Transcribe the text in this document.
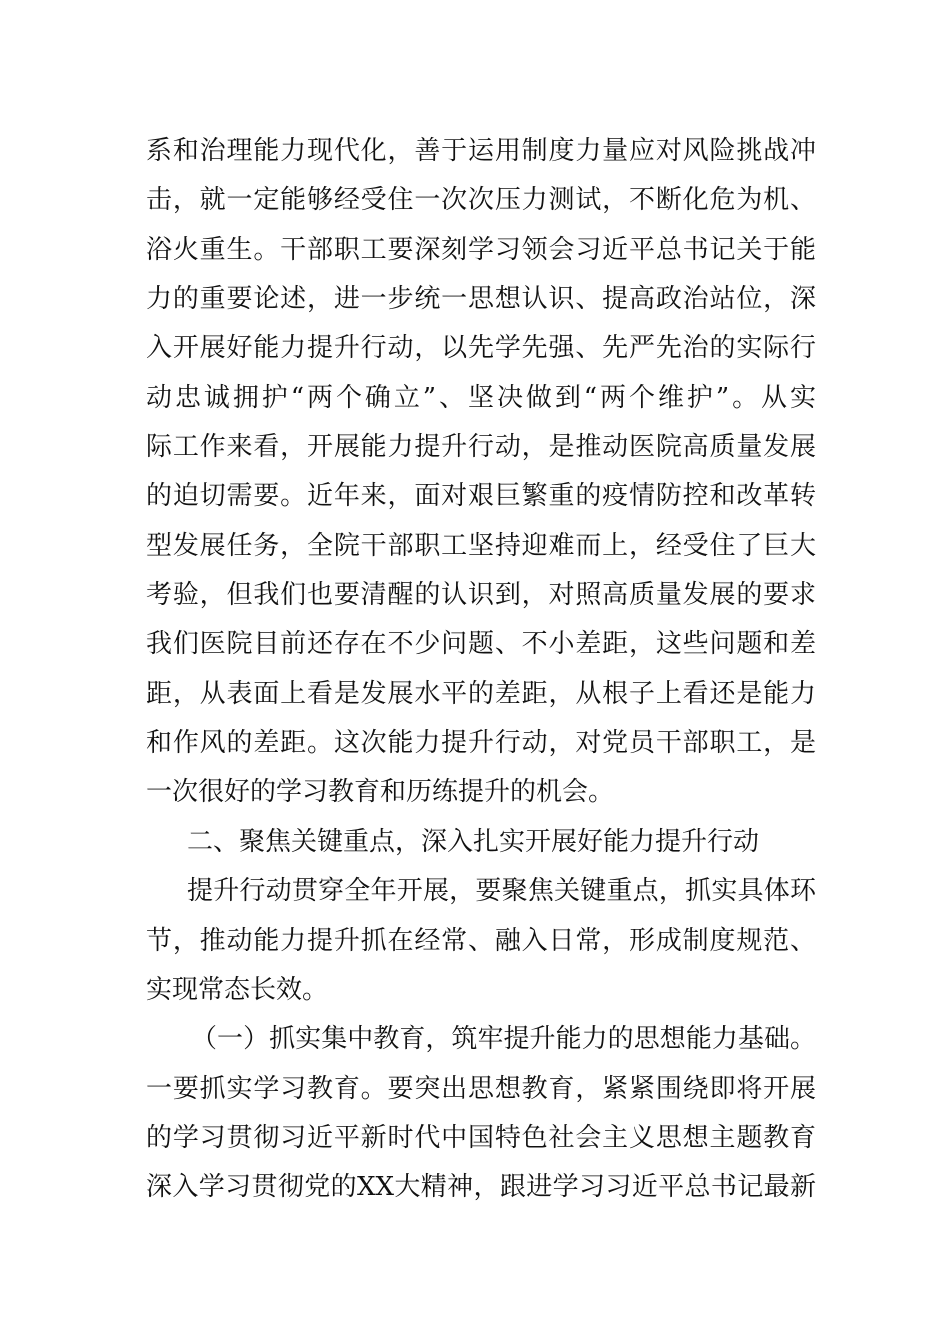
系和治理能力现代化，善于运用制度力量应对风险挑战冲
击，就一定能够经受住一次次压力测试，不断化危为机、
浴火重生。干部职工要深刻学习领会习近平总书记关于能
力的重要论述，进一步统一思想认识、提高政治站位，深
入开展好能力提升行动，以先学先强、先严先治的实际行
动忠诚拥护“两个确立”、坚决做到“两个维护”。从实
际工作来看，开展能力提升行动，是推动医院高质量发展
的迫切需要。近年来，面对艰巨繁重的疫情防控和改革转
型发展任务，全院干部职工坚持迎难而上，经受住了巨大
考验，但我们也要清醒的认识到，对照高质量发展的要求
我们医院目前还存在不少问题、不小差距，这些问题和差
距，从表面上看是发展水平的差距，从根子上看还是能力
和作风的差距。这次能力提升行动，对党员干部职工，是
一次很好的学习教育和历练提升的机会。
二、聚焦关键重点，深入扎实开展好能力提升行动
提升行动贯穿全年开展，要聚焦关键重点，抓实具体环
节，推动能力提升抓在经常、融入日常，形成制度规范、
实现常态长效。
（一）抓实集中教育，筑牢提升能力的思想能力基础。
一要抓实学习教育。要突出思想教育，紧紧围绕即将开展
的学习贯彻习近平新时代中国特色社会主义思想主题教育
深入学习贯彻党的XX大精神，跟进学习习近平总书记最新
